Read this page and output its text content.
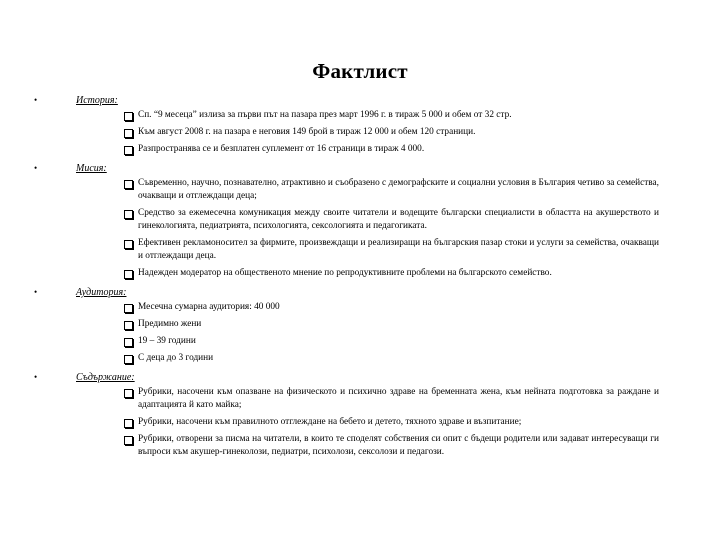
Фактлист
•	История:
Сп. “9 месеца” излиза за първи път на пазара през март 1996 г. в тираж 5 000 и обем от 32 стр.
Към август 2008 г. на пазара е неговия 149 брой в тираж 12 000 и обем 120 страници.
Разпространява се и безплатен суплемент от 16 страници в тираж 4 000.
•	Мисия:
Съвременно, научно, познавателно, атрактивно и съобразено с демографските и социални условия в България четиво за семейства, очакващи и отглеждащи деца;
Средство за ежемесечна комуникация между своите читатели и водещите български специалисти в областта на акушерството и гинекологията, педиатрията, психологията, сексологията и педагогиката.
Ефективен рекламоносител за фирмите, произвеждащи и реализиращи на българския пазар стоки и услуги за семейства, очакващи и отглеждащи деца.
Надежден модератор на общественото мнение по репродуктивните проблеми на българското семейство.
•	Аудитория:
Месечна сумарна аудитория: 40 000
Предимно жени
19 – 39 години
С деца до 3 години
•	Съдържание:
Рубрики, насочени към опазване на физическото и психично здраве на бременната жена, към нейната подготовка за раждане и адаптацията й като майка;
Рубрики, насочени към правилното отглеждане на бебето и детето, тяхното здраве и възпитание;
Рубрики, отворени за писма на читатели, в които те споделят собствения си опит с бъдещи родители или задават интересуващи ги въпроси към акушер-гинеколози, педиатри, психолози, сексолози и педагози.
